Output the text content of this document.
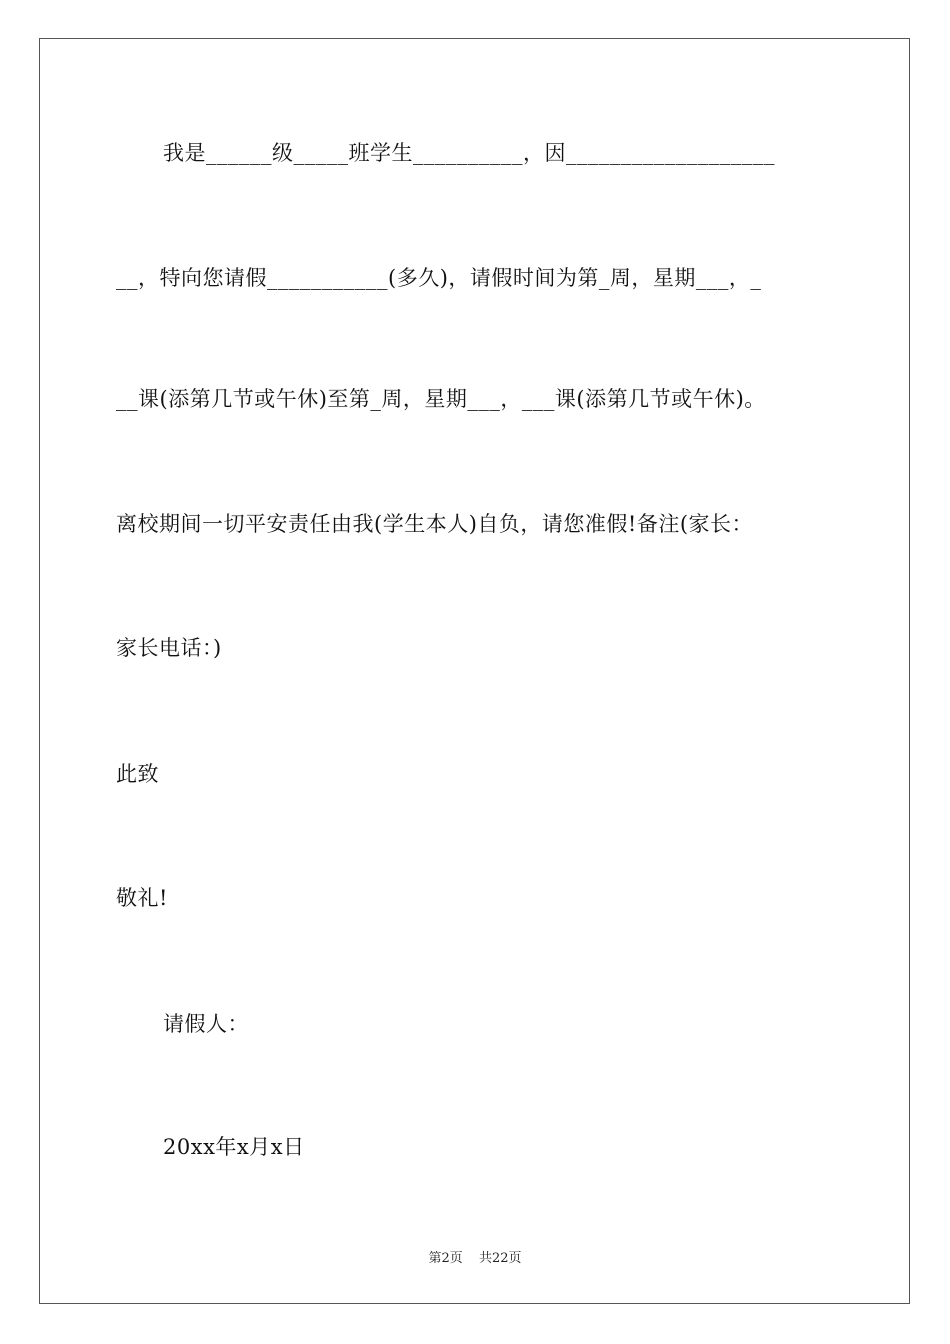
我是______级_____班学生__________，因___________________

__，特向您请假___________(多久)，请假时间为第_周，星期___，_

__课(添第几节或午休)至第_周，星期___，___课(添第几节或午休)。

离校期间一切平安责任由我(学生本人)自负，请您准假!备注(家长：

家长电话：)

此致

敬礼!

请假人：

20xx年x月x日

第2页 共22页
